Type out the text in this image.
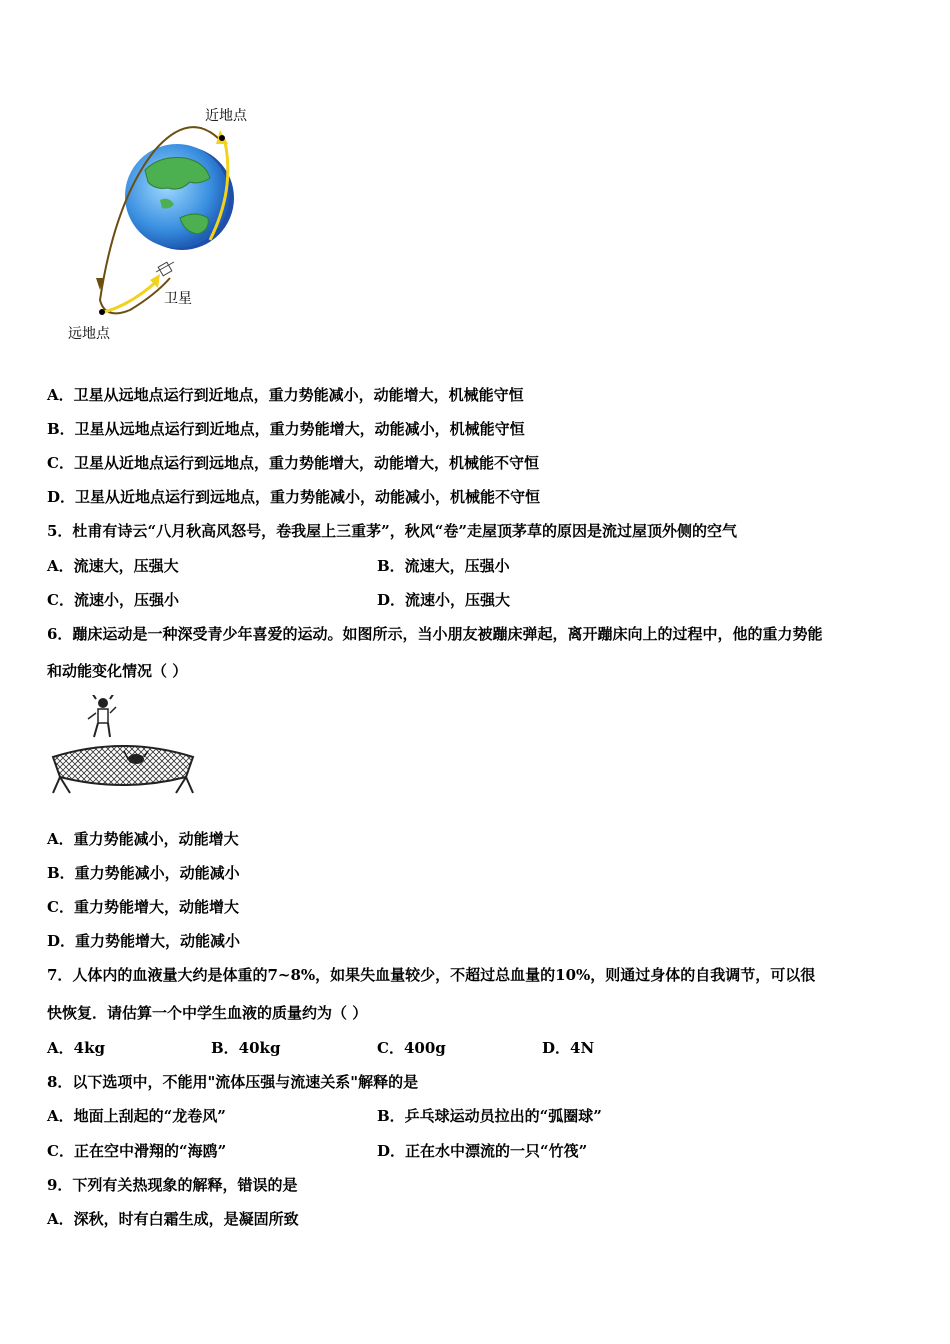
近地点
远地点
卫星
A．卫星从远地点运行到近地点，重力势能减小，动能增大，机械能守恒
B．卫星从远地点运行到近地点，重力势能增大，动能减小，机械能守恒
C．卫星从近地点运行到远地点，重力势能增大，动能增大，机械能不守恒
D．卫星从近地点运行到远地点，重力势能减小，动能减小，机械能不守恒
5．杜甫有诗云“八月秋高风怒号，卷我屋上三重茅”，秋风“卷”走屋顶茅草的原因是流过屋顶外侧的空气
A．流速大，压强大	B．流速大，压强小
C．流速小，压强小	D．流速小，压强大
6．蹦床运动是一种深受青少年喜爱的运动。如图所示，当小朋友被蹦床弹起，离开蹦床向上的过程中，他的重力势能
和动能变化情况（ ）
A．重力势能减小，动能增大
B．重力势能减小，动能减小
C．重力势能增大，动能增大
D．重力势能增大，动能减小
7．人体内的血液量大约是体重的7~8%，如果失血量较少，不超过总血量的10%，则通过身体的自我调节，可以很
快恢复．请估算一个中学生血液的质量约为（ ）
A．4kg	B．40kg	C．400g	D．4N
8．以下选项中，不能用"流体压强与流速关系"解释的是
A．地面上刮起的“龙卷风”	B．乒乓球运动员拉出的“弧圈球”
C．正在空中滑翔的“海鸥”	D．正在水中漂流的一只“竹筏”
9．下列有关热现象的解释，错误的是
A．深秋，时有白霜生成，是凝固所致
